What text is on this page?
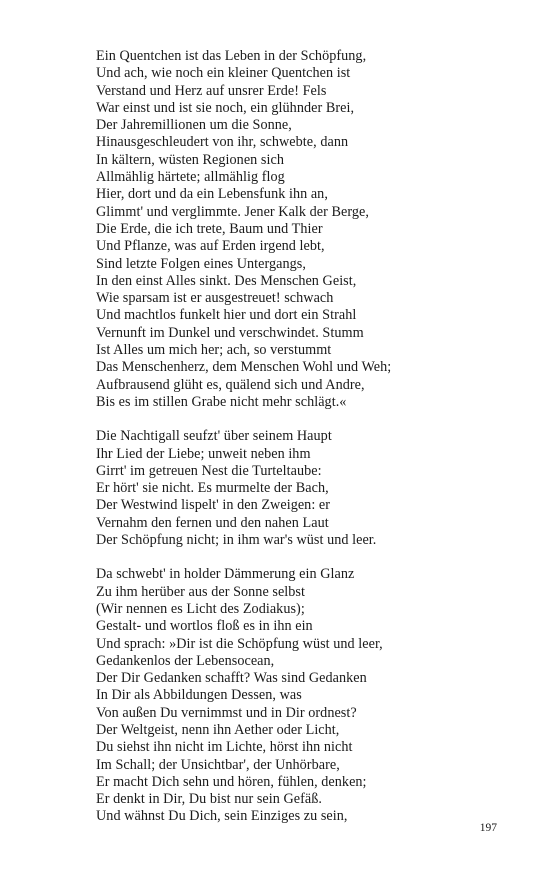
Ein Quentchen ist das Leben in der Schöpfung,
Und ach, wie noch ein kleiner Quentchen ist
Verstand und Herz auf unsrer Erde! Fels
War einst und ist sie noch, ein glühnder Brei,
Der Jahremillionen um die Sonne,
Hinausgeschleudert von ihr, schwebte, dann
In kältern, wüsten Regionen sich
Allmählig härtete; allmählig flog
Hier, dort und da ein Lebensfunk ihn an,
Glimmt' und verglimmte. Jener Kalk der Berge,
Die Erde, die ich trete, Baum und Thier
Und Pflanze, was auf Erden irgend lebt,
Sind letzte Folgen eines Untergangs,
In den einst Alles sinkt. Des Menschen Geist,
Wie sparsam ist er ausgestreuet! schwach
Und machtlos funkelt hier und dort ein Strahl
Vernunft im Dunkel und verschwindet. Stumm
Ist Alles um mich her; ach, so verstummt
Das Menschenherz, dem Menschen Wohl und Weh;
Aufbrausend glüht es, quälend sich und Andre,
Bis es im stillen Grabe nicht mehr schlägt.«
Die Nachtigall seufzt' über seinem Haupt
Ihr Lied der Liebe; unweit neben ihm
Girrt' im getreuen Nest die Turteltaube:
Er hört' sie nicht. Es murmelte der Bach,
Der Westwind lispelt' in den Zweigen: er
Vernahm den fernen und den nahen Laut
Der Schöpfung nicht; in ihm war's wüst und leer.
Da schwebt' in holder Dämmerung ein Glanz
Zu ihm herüber aus der Sonne selbst
(Wir nennen es Licht des Zodiakus);
Gestalt- und wortlos floß es in ihn ein
Und sprach: »Dir ist die Schöpfung wüst und leer,
Gedankenlos der Lebensocean,
Der Dir Gedanken schafft? Was sind Gedanken
In Dir als Abbildungen Dessen, was
Von außen Du vernimmst und in Dir ordnest?
Der Weltgeist, nenn ihn Aether oder Licht,
Du siehst ihn nicht im Lichte, hörst ihn nicht
Im Schall; der Unsichtbar', der Unhörbare,
Er macht Dich sehn und hören, fühlen, denken;
Er denkt in Dir, Du bist nur sein Gefäß.
Und wähnst Du Dich, sein Einziges zu sein,
197
